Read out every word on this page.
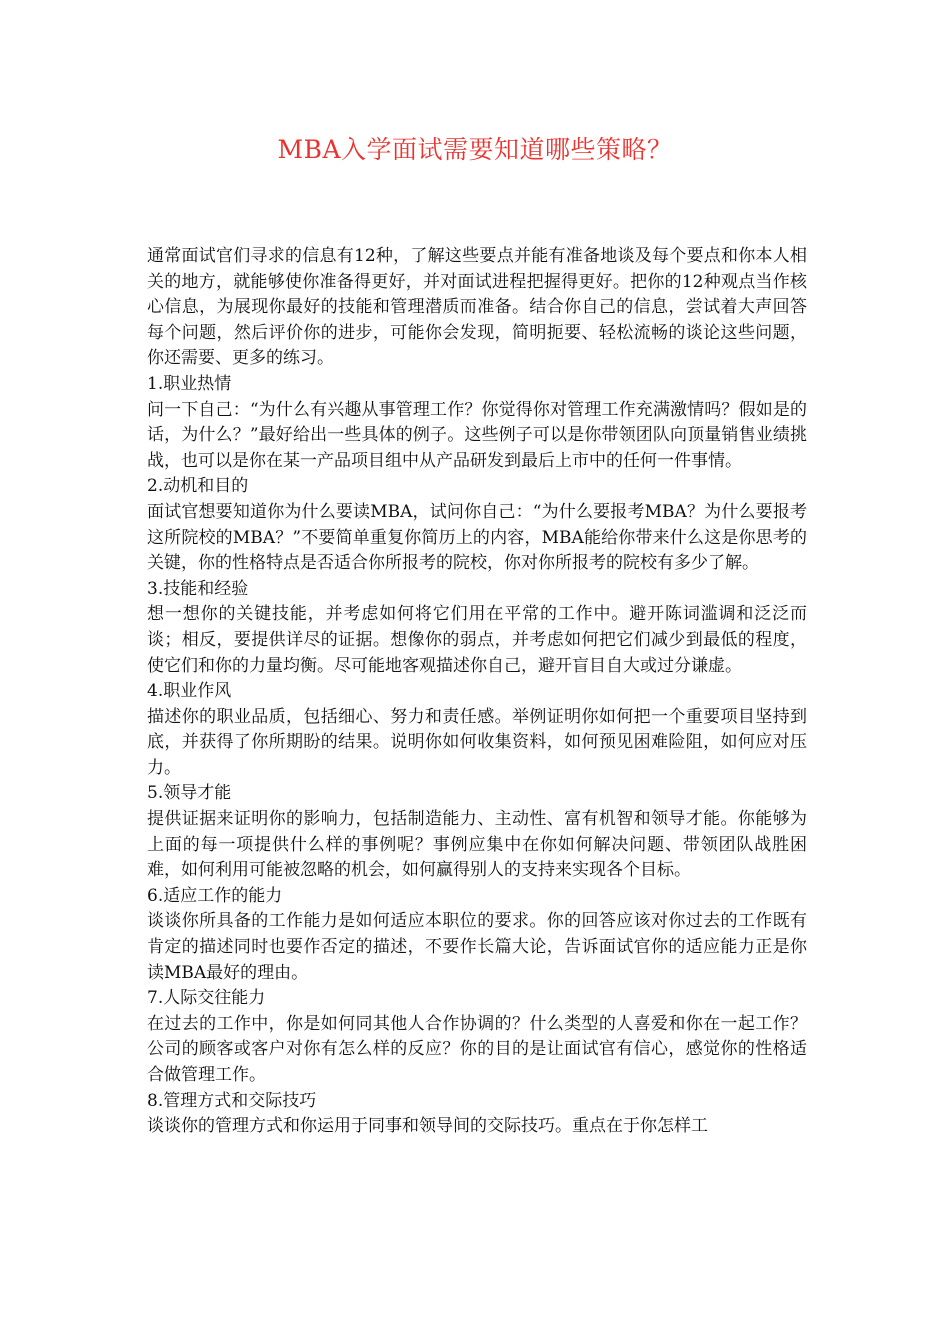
MBA入学面试需要知道哪些策略？

通常面试官们寻求的信息有12种，了解这些要点并能有准备地谈及每个要点和你本人相关的地方，就能够使你准备得更好，并对面试进程把握得更好。把你的12种观点当作核心信息，为展现你最好的技能和管理潜质而准备。结合你自己的信息，尝试着大声回答每个问题，然后评价你的进步，可能你会发现，简明扼要、轻松流畅的谈论这些问题，你还需要、更多的练习。

1.职业热情

问一下自己：“为什么有兴趣从事管理工作？你觉得你对管理工作充满激情吗？假如是的话，为什么？”最好给出一些具体的例子。这些例子可以是你带领团队向顶量销售业绩挑战，也可以是你在某一产品项目组中从产品研发到最后上市中的任何一件事情。

2.动机和目的

面试官想要知道你为什么要读MBA，试问你自己：“为什么要报考MBA？为什么要报考这所院校的MBA？”不要简单重复你简历上的内容，MBA能给你带来什么这是你思考的关键，你的性格特点是否适合你所报考的院校，你对你所报考的院校有多少了解。

3.技能和经验

想一想你的关键技能，并考虑如何将它们用在平常的工作中。避开陈词滥调和泛泛而谈；相反，要提供详尽的证据。想像你的弱点，并考虑如何把它们减少到最低的程度，使它们和你的力量均衡。尽可能地客观描述你自己，避开盲目自大或过分谦虚。

4.职业作风

描述你的职业品质，包括细心、努力和责任感。举例证明你如何把一个重要项目坚持到底，并获得了你所期盼的结果。说明你如何收集资料，如何预见困难险阻，如何应对压力。

5.领导才能

提供证据来证明你的影响力，包括制造能力、主动性、富有机智和领导才能。你能够为上面的每一项提供什么样的事例呢？事例应集中在你如何解决问题、带领团队战胜困难，如何利用可能被忽略的机会，如何赢得别人的支持来实现各个目标。

6.适应工作的能力

谈谈你所具备的工作能力是如何适应本职位的要求。你的回答应该对你过去的工作既有肯定的描述同时也要作否定的描述，不要作长篇大论，告诉面试官你的适应能力正是你读MBA最好的理由。

7.人际交往能力

在过去的工作中，你是如何同其他人合作协调的？什么类型的人喜爱和你在一起工作？公司的顾客或客户对你有怎么样的反应？你的目的是让面试官有信心，感觉你的性格适合做管理工作。

8.管理方式和交际技巧

谈谈你的管理方式和你运用于同事和领导间的交际技巧。重点在于你怎样工
